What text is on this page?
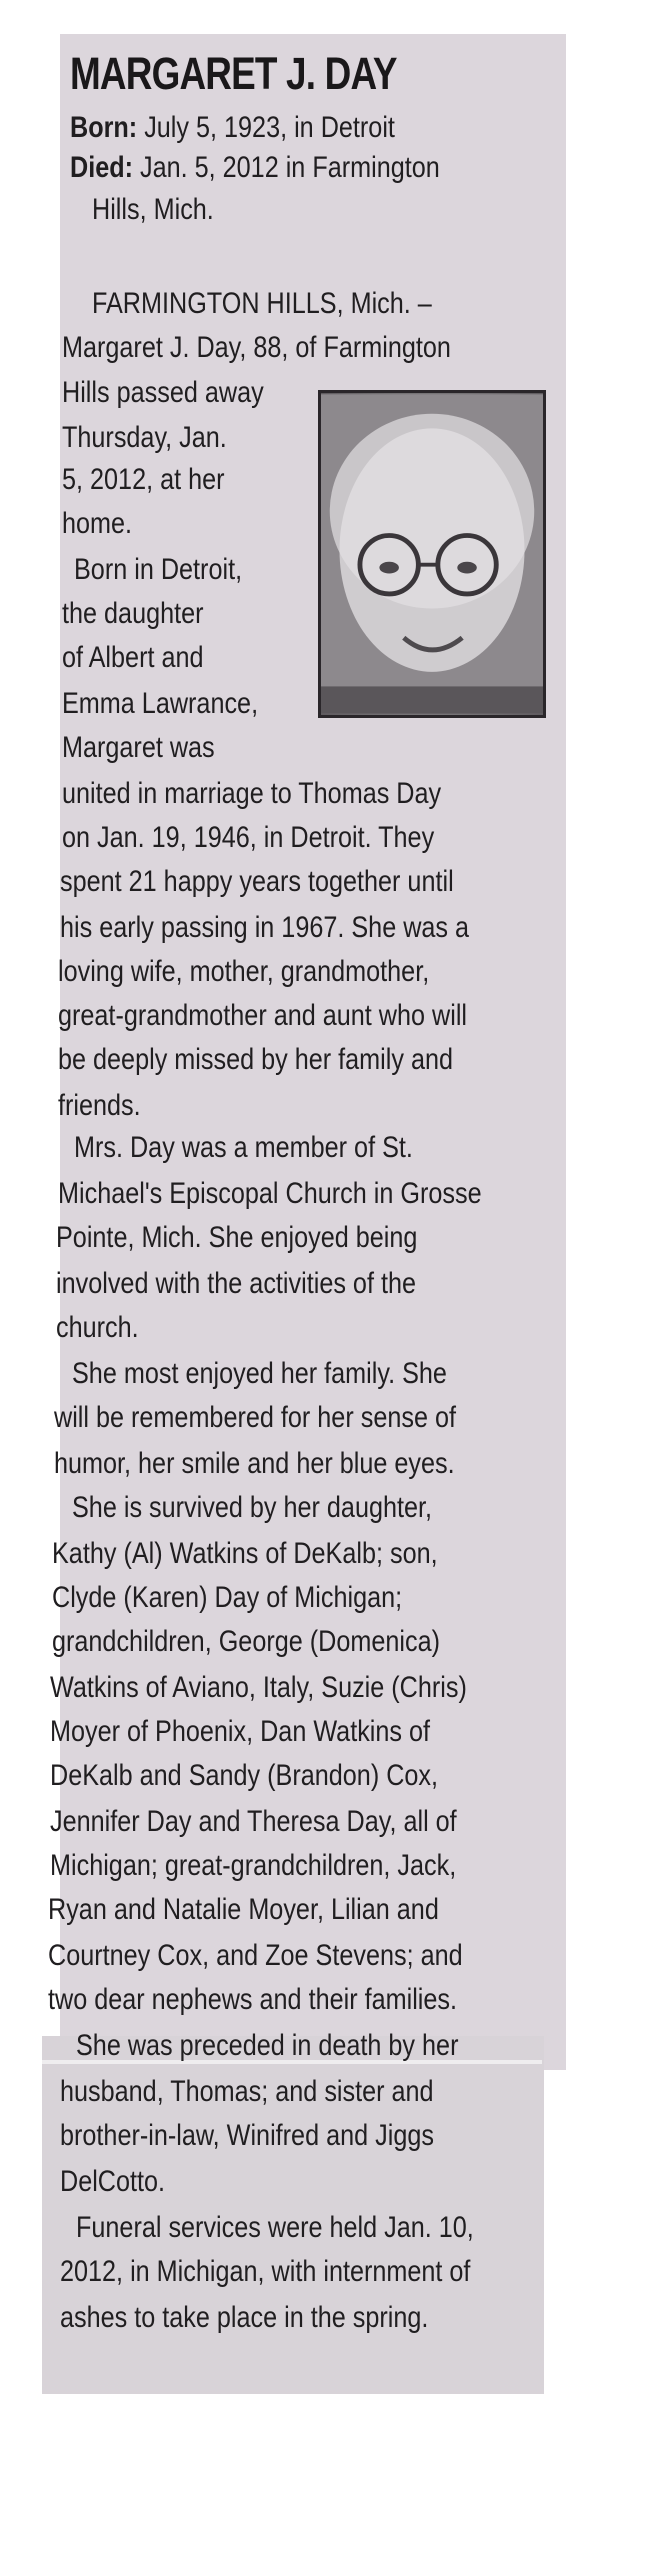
MARGARET J. DAY
Born: July 5, 1923, in Detroit
Died: Jan. 5, 2012 in Farmington
Hills, Mich.
FARMINGTON HILLS, Mich. –
Margaret J. Day, 88, of Farmington
Hills passed away
Thursday, Jan.
5, 2012, at her
home.
Born in Detroit,
the daughter
of Albert and
Emma Lawrance,
Margaret was
united in marriage to Thomas Day
on Jan. 19, 1946, in Detroit. They
spent 21 happy years together until
his early passing in 1967. She was a
loving wife, mother, grandmother,
great-grandmother and aunt who will
be deeply missed by her family and
friends.
Mrs. Day was a member of St.
Michael's Episcopal Church in Grosse
Pointe, Mich. She enjoyed being
involved with the activities of the
church.
She most enjoyed her family. She
will be remembered for her sense of
humor, her smile and her blue eyes.
She is survived by her daughter,
Kathy (Al) Watkins of DeKalb; son,
Clyde (Karen) Day of Michigan;
grandchildren, George (Domenica)
Watkins of Aviano, Italy, Suzie (Chris)
Moyer of Phoenix, Dan Watkins of
DeKalb and Sandy (Brandon) Cox,
Jennifer Day and Theresa Day, all of
Michigan; great-grandchildren, Jack,
Ryan and Natalie Moyer, Lilian and
Courtney Cox, and Zoe Stevens; and
two dear nephews and their families.
She was preceded in death by her
husband, Thomas; and sister and
brother-in-law, Winifred and Jiggs
DelCotto.
Funeral services were held Jan. 10,
2012, in Michigan, with internment of
ashes to take place in the spring.
